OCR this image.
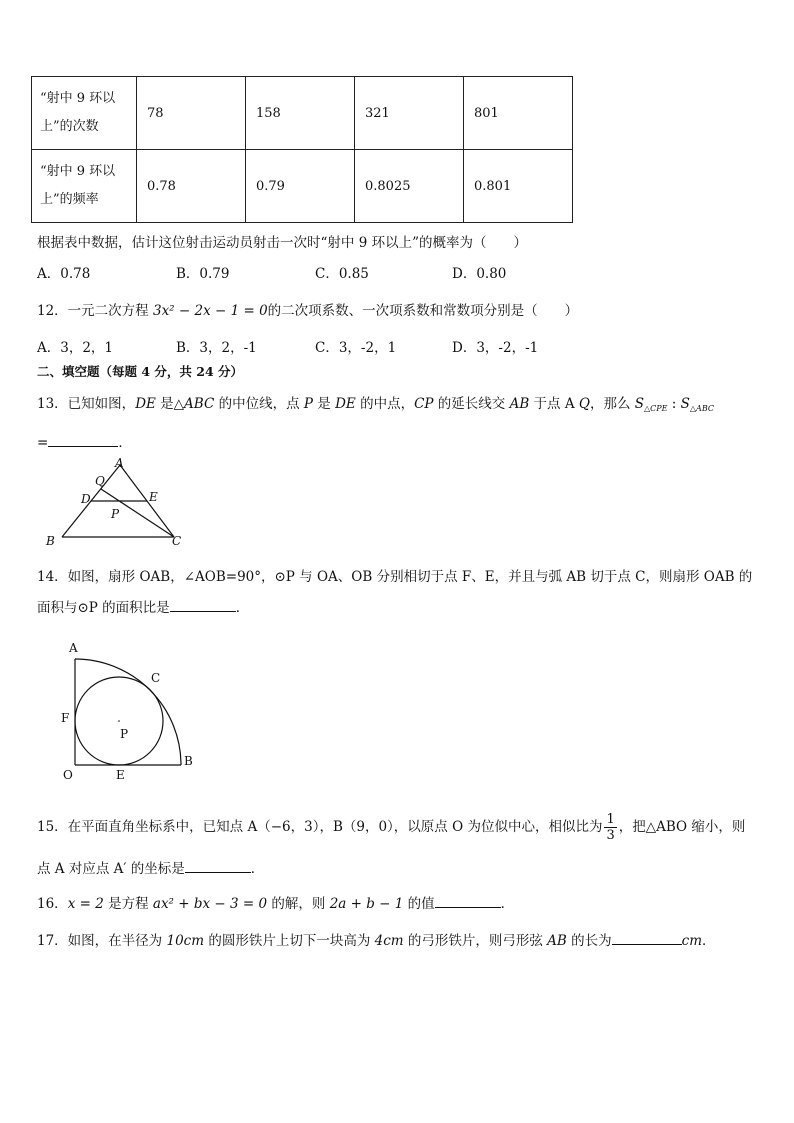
“射中 9 环以
上”的次数	78	158	321	801
“射中 9 环以
上”的频率	0.78	0.79	0.8025	0.801
根据表中数据，估计这位射击运动员射击一次时“射中 9 环以上”的概率为（　　）
A．0.78	B．0.79	C．0.85	D．0.80
12．一元二次方程 3x² − 2x − 1 = 0的二次项系数、一次项系数和常数项分别是（　　）
A．3，2，1	B．3，2，-1	C．3，-2，1	D．3，-2，-1
二、填空题（每题 4 分，共 24 分）
13．已知如图，DE 是△ABC 的中位线，点 P 是 DE 的中点，CP 的延长线交 AB 于点 A Q，那么 $S_{\triangle CPE}$ : $S_{\triangle ABC}$
=	．
A
Q
D	E
P
B	C
14．如图，扇形 OAB，∠AOB=90°，⊙P 与 OA、OB 分别相切于点 F、E，并且与弧 AB 切于点 C，则扇形 OAB 的
面积与⊙P 的面积比是	．
A
C
F
P
O	E
B
15．在平面直角坐标系中，已知点 A（−6，3），B（9，0），以原点 O 为位似中心，相似比为 $\frac{1}{3}$ ，把△ABO 缩小，则
点 A 对应点 A′ 的坐标是	．
16．x = 2 是方程 ax² + bx − 3 = 0 的解，则 2a + b − 1 的值	．
17．如图，在半径为 10cm 的圆形铁片上切下一块高为 4cm 的弓形铁片，则弓形弦 AB 的长为	cm．
